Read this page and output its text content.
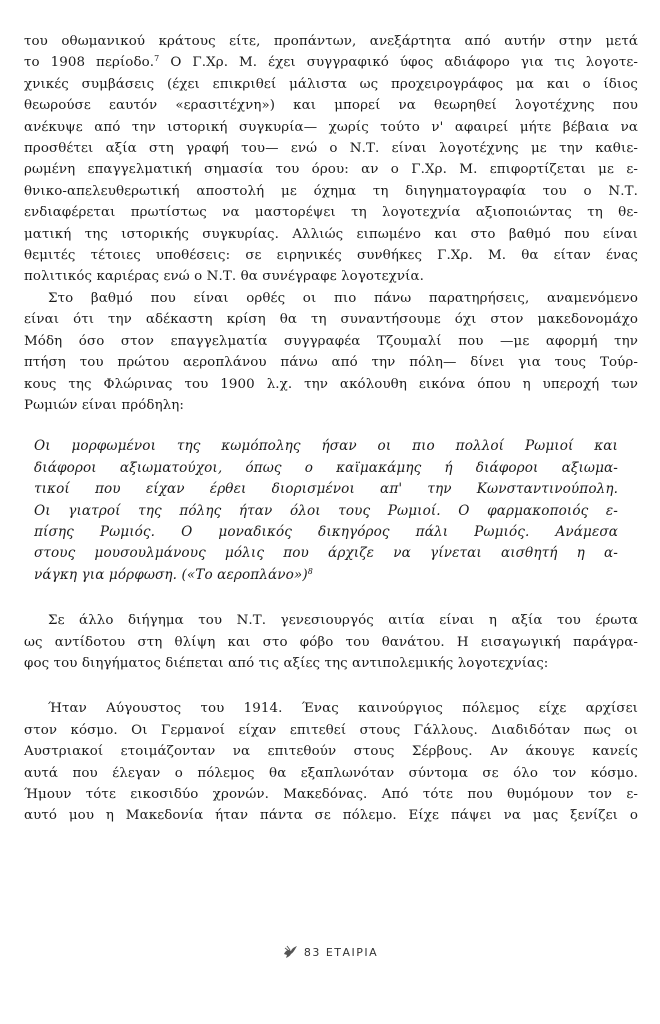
του οθωμανικού κράτους είτε, προπάντων, ανεξάρτητα από αυτήν στην μετά
το 1908 περίοδο.$^7$ Ο Γ.Χρ. Μ. έχει συγγραφικό ύφος αδιάφορο για τις λογοτε-
χνικές συμβάσεις (έχει επικριθεί μάλιστα ως προχειρογράφος μα και ο ίδιος
θεωρούσε εαυτόν «ερασιτέχνη») και μπορεί να θεωρηθεί λογοτέχνης που
ανέκυψε από την ιστορική συγκυρία— χωρίς τούτο ν' αφαιρεί μήτε βέβαια να
προσθέτει αξία στη γραφή του— ενώ ο Ν.Τ. είναι λογοτέχνης με την καθιε-
ρωμένη επαγγελματική σημασία του όρου: αν ο Γ.Χρ. Μ. επιφορτίζεται με ε-
θνικο-απελευθερωτική αποστολή με όχημα τη διηγηματογραφία του ο Ν.Τ.
ενδιαφέρεται πρωτίστως να μαστορέψει τη λογοτεχνία αξιοποιώντας τη θε-
ματική της ιστορικής συγκυρίας. Αλλιώς ειπωμένο και στο βαθμό που είναι
θεμιτές τέτοιες υποθέσεις: σε ειρηνικές συνθήκες Γ.Χρ. Μ. θα είταν ένας
πολιτικός καριέρας ενώ ο Ν.Τ. θα συνέγραφε λογοτεχνία.
Στο βαθμό που είναι ορθές οι πιο πάνω παρατηρήσεις, αναμενόμενο
είναι ότι την αδέκαστη κρίση θα τη συναντήσουμε όχι στον μακεδονομάχο
Μόδη όσο στον επαγγελματία συγγραφέα Τζουμαλί που —με αφορμή την
πτήση του πρώτου αεροπλάνου πάνω από την πόλη— δίνει για τους Τούρ-
κους της Φλώρινας του 1900 λ.χ. την ακόλουθη εικόνα όπου η υπεροχή των
Ρωμιών είναι πρόδηλη:
Οι μορφωμένοι της κωμόπολης ήσαν οι πιο πολλοί Ρωμιοί και
διάφοροι αξιωματούχοι, όπως ο καϊμακάμης ή διάφοροι αξιωμα-
τικοί που είχαν έρθει διορισμένοι απ' την Κωνσταντινούπολη.
Οι γιατροί της πόλης ήταν όλοι τους Ρωμιοί. Ο φαρμακοποιός ε-
πίσης Ρωμιός. Ο μοναδικός δικηγόρος πάλι Ρωμιός. Ανάμεσα
στους μουσουλμάνους μόλις που άρχιζε να γίνεται αισθητή η α-
νάγκη για μόρφωση. («Το αεροπλάνο»)$^8$
Σε άλλο διήγημα του Ν.Τ. γενεσιουργός αιτία είναι η αξία του έρωτα
ως αντίδοτου στη θλίψη και στο φόβο του θανάτου. Η εισαγωγική παράγρα-
φος του διηγήματος διέπεται από τις αξίες της αντιπολεμικής λογοτεχνίας:
Ήταν Αύγουστος του 1914. Ένας καινούργιος πόλεμος είχε αρχίσει
στον κόσμο. Οι Γερμανοί είχαν επιτεθεί στους Γάλλους. Διαδιδόταν πως οι
Αυστριακοί ετοιμάζονταν να επιτεθούν στους Σέρβους. Αν άκουγε κανείς
αυτά που έλεγαν ο πόλεμος θα εξαπλωνόταν σύντομα σε όλο τον κόσμο.
Ήμουν τότε εικοσιδύο χρονών. Μακεδόνας. Από τότε που θυμόμουν τον ε-
αυτό μου η Μακεδονία ήταν πάντα σε πόλεμο. Είχε πάψει να μας ξενίζει ο
83 ΕΤΑΙΡΙΑ
